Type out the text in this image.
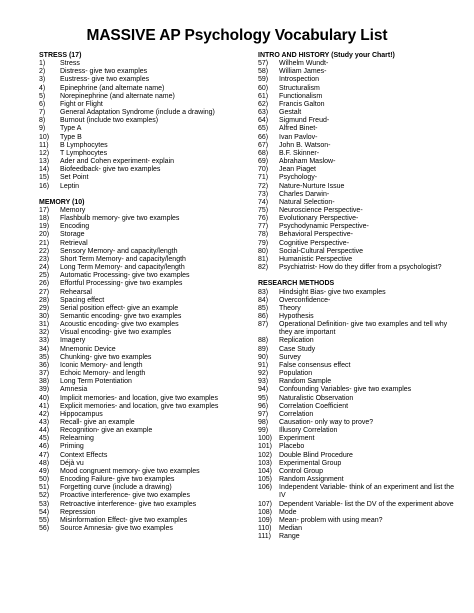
MASSIVE AP Psychology Vocabulary List
STRESS (17)
1)	Stress
2)	Distress- give two examples
3)	Eustress- give two examples
4)	Epinephrine (and alternate name)
5)	Norepinephrine (and alternate name)
6)	Fight or Flight
7)	General Adaptation Syndrome (include a drawing)
8)	Burnout (include two examples)
9)	Type A
10)	Type B
11)	B Lymphocytes
12)	T Lymphocytes
13)	Ader and Cohen experiment- explain
14)	Biofeedback- give two examples
15)	Set Point
16)	Leptin
MEMORY (10)
17)	Memory
18)	Flashbulb memory- give two examples
19)	Encoding
20)	Storage
21)	Retrieval
22)	Sensory Memory- and capacity/length
23)	Short Term Memory- and capacity/length
24)	Long Term Memory- and capacity/length
25)	Automatic Processing- give two examples
26)	Effortful Processing- give two examples
27)	Rehearsal
28)	Spacing effect
29)	Serial position effect- give an example
30)	Semantic encoding- give two examples
31)	Acoustic encoding- give two examples
32)	Visual encoding- give two examples
33)	Imagery
34)	Mnemonic Device
35)	Chunking- give two examples
36)	Iconic Memory- and length
37)	Echoic Memory- and length
38)	Long Term Potentiation
39)	Amnesia
40)	Implicit memories- and location, give two examples
41)	Explicit memories- and location, give two examples
42)	Hippocampus
43)	Recall- give an example
44)	Recognition- give an example
45)	Relearning
46)	Priming
47)	Context Effects
48)	Déjà vu
49)	Mood congruent memory- give two examples
50)	Encoding Failure- give two examples
51)	Forgetting curve (include a drawing)
52)	Proactive interference- give two examples
53)	Retroactive interference- give two examples
54)	Repression
55)	Misinformation Effect- give two examples
56)	Source Amnesia- give two examples
INTRO AND HISTORY (Study your Chart!)
57)	Wilhelm Wundt-
58)	William James-
59)	Introspection
60)	Structuralism
61)	Functionalism
62)	Francis Galton
63)	Gestalt
64)	Sigmund Freud-
65)	Alfred Binet-
66)	Ivan Pavlov-
67)	John B. Watson-
68)	B.F. Skinner-
69)	Abraham Maslow-
70)	Jean Piaget
71)	Psychology-
72)	Nature-Nurture Issue
73)	Charles Darwin-
74)	Natural Selection-
75)	Neuroscience Perspective-
76)	Evolutionary Perspective-
77)	Psychodynamic Perspective-
78)	Behavioral Perspective-
79)	Cognitive Perspective-
80)	Social-Cultural Perspective
81)	Humanistic Perspective
82)	Psychiatrist- How do they differ from a psychologist?
RESEARCH METHODS
83)	Hindsight Bias- give two examples
84)	Overconfidence-
85)	Theory
86)	Hypothesis
87)	Operational Definition- give two examples and tell why they are important
88)	Replication
89)	Case Study
90)	Survey
91)	False consensus effect
92)	Population
93)	Random Sample
94)	Confounding Variables- give two examples
95)	Naturalistic Observation
96)	Correlation Coefficient
97)	Correlation
98)	Causation- only way to prove?
99)	Illusory Correlation
100) Experiment
101) Placebo
102) Double Blind Procedure
103) Experimental Group
104) Control Group
105) Random Assignment
106) Independent Variable- think of an experiment and list the IV
107) Dependent Variable- list the DV of the experiment above
108) Mode
109) Mean- problem with using mean?
110)	Median
111)	Range
